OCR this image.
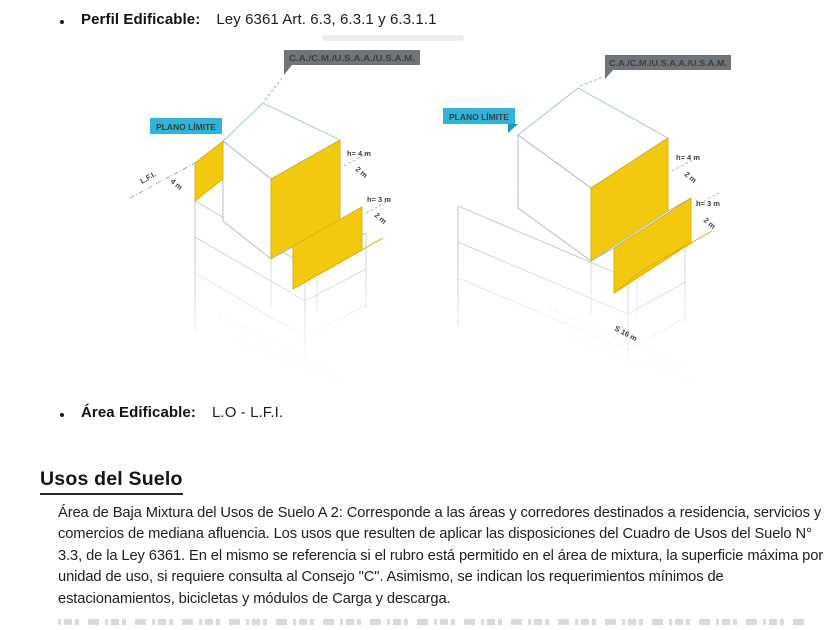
Perfil Edificable: Ley 6361 Art. 6.3, 6.3.1 y 6.3.1.1
C.A./C.M./U.S.A.A./U.S.A.M.
PLANO LÍMITE
h= 4 m
2 m
h= 3 m
2 m
L.F.I. 4 m
C.A./C.M./U.S.A.A./U.S.A.M.
PLANO LÍMITE
h= 4 m
2 m
h= 3 m
2 m
S 16 m
Área Edificable: L.O - L.F.I.
Usos del Suelo
Área de Baja Mixtura del Usos de Suelo A 2: Corresponde a las áreas y corredores destinados a residencia, servicios y comercios de mediana afluencia. Los usos que resulten de aplicar las disposiciones del Cuadro de Usos del Suelo N° 3.3, de la Ley 6361. En el mismo se referencia si el rubro está permitido en el área de mixtura, la superficie máxima por unidad de uso, si requiere consulta al Consejo "C". Asimismo, se indican los requerimientos mínimos de estacionamientos, bicicletas y módulos de Carga y descarga.
